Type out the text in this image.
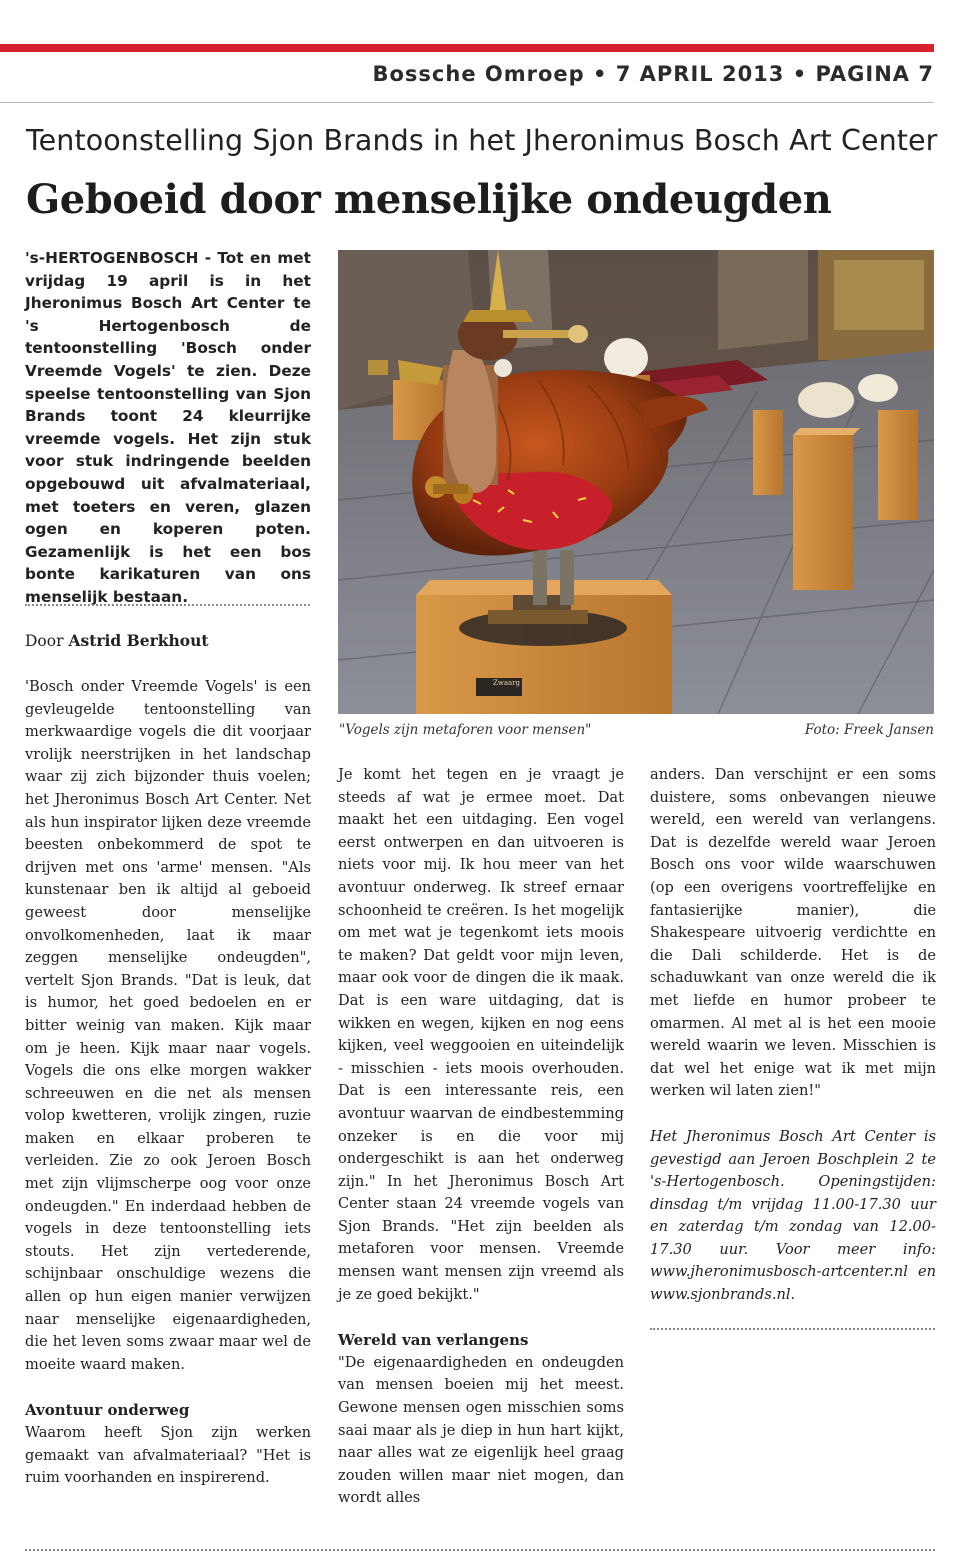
Bossche Omroep • 7 APRIL 2013 • PAGINA 7
Tentoonstelling Sjon Brands in het Jheronimus Bosch Art Center
Geboeid door menselijke ondeugden
's-HERTOGENBOSCH - Tot en met vrijdag 19 april is in het Jheronimus Bosch Art Center te 's Hertogenbosch de tentoonstelling 'Bosch onder Vreemde Vogels' te zien. Deze speelse tentoonstelling van Sjon Brands toont 24 kleurrijke vreemde vogels. Het zijn stuk voor stuk indringende beelden opgebouwd uit afvalmateriaal, met toeters en veren, glazen ogen en koperen poten. Gezamenlijk is het een bos bonte karikaturen van ons menselijk bestaan.
Door Astrid Berkhout

'Bosch onder Vreemde Vogels' is een gevleugelde tentoonstelling van merkwaardige vogels die dit voorjaar vrolijk neerstrijken in het landschap waar zij zich bijzonder thuis voelen; het Jheronimus Bosch Art Center. Net als hun inspirator lijken deze vreemde beesten onbekommerd de spot te drijven met ons 'arme' mensen. "Als kunstenaar ben ik altijd al geboeid geweest door menselijke onvolkomenheden, laat ik maar zeggen menselijke ondeugden", vertelt Sjon Brands. "Dat is leuk, dat is humor, het goed bedoelen en er bitter weinig van maken. Kijk maar om je heen. Kijk maar naar vogels. Vogels die ons elke morgen wakker schreeuwen en die net als mensen volop kwetteren, vrolijk zingen, ruzie maken en elkaar proberen te verleiden. Zie zo ook Jeroen Bosch met zijn vlijmscherpe oog voor onze ondeugden." En inderdaad hebben de vogels in deze tentoonstelling iets stouts. Het zijn vertederende, schijnbaar onschuldige wezens die allen op hun eigen manier verwijzen naar menselijke eigenaardigheden, die het leven soms zwaar maar wel de moeite waard maken.

Avontuur onderweg

Waarom heeft Sjon zijn werken gemaakt van afvalmateriaal? "Het is ruim voorhanden en inspirerend.

Zwaarg
"Vogels zijn metaforen voor mensen"	Foto: Freek Jansen

Je komt het tegen en je vraagt je steeds af wat je ermee moet. Dat maakt het een uitdaging. Een vogel eerst ontwerpen en dan uitvoeren is niets voor mij. Ik hou meer van het avontuur onderweg. Ik streef ernaar schoonheid te creëren. Is het mogelijk om met wat je tegenkomt iets moois te maken? Dat geldt voor mijn leven, maar ook voor de dingen die ik maak. Dat is een ware uitdaging, dat is wikken en wegen, kijken en nog eens kijken, veel weggooien en uiteindelijk - misschien - iets moois overhouden. Dat is een interessante reis, een avontuur waarvan de eindbestemming onzeker is en die voor mij ondergeschikt is aan het onderweg zijn." In het Jheronimus Bosch Art Center staan 24 vreemde vogels van Sjon Brands. "Het zijn beelden als metaforen voor mensen. Vreemde mensen want mensen zijn vreemd als je ze goed bekijkt."

Wereld van verlangens

"De eigenaardigheden en ondeugden van mensen boeien mij het meest. Gewone mensen ogen misschien soms saai maar als je diep in hun hart kijkt, naar alles wat ze eigenlijk heel graag zouden willen maar niet mogen, dan wordt alles

anders. Dan verschijnt er een soms duistere, soms onbevangen nieuwe wereld, een wereld van verlangens. Dat is dezelfde wereld waar Jeroen Bosch ons voor wilde waarschuwen (op een overigens voortreffelijke en fantasierijke manier), die Shakespeare uitvoerig verdichtte en die Dali schilderde. Het is de schaduwkant van onze wereld die ik met liefde en humor probeer te omarmen. Al met al is het een mooie wereld waarin we leven. Misschien is dat wel het enige wat ik met mijn werken wil laten zien!"

Het Jheronimus Bosch Art Center is gevestigd aan Jeroen Boschplein 2 te 's-Hertogenbosch. Openingstijden: dinsdag t/m vrijdag 11.00-17.30 uur en zaterdag t/m zondag van 12.00-17.30 uur. Voor meer info: www.jheronimusbosch-artcenter.nl en www.sjonbrands.nl.
